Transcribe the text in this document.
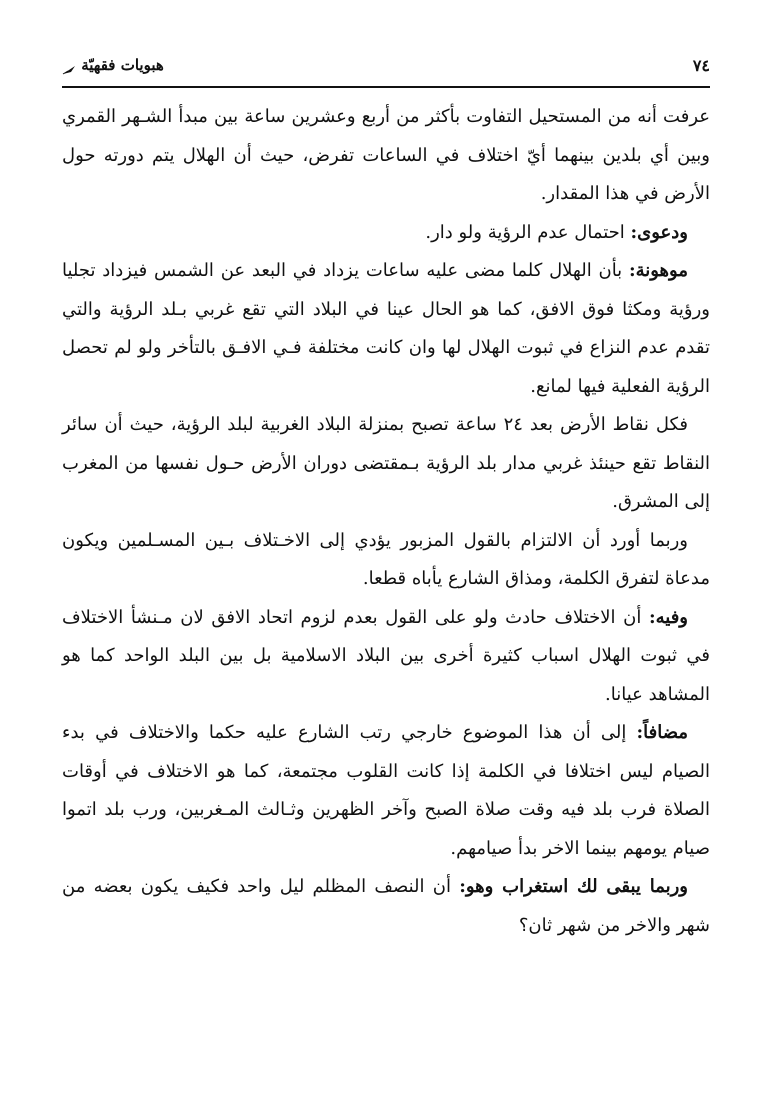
٧٤
هبويات فقهيّة

عرفت أنه من المستحيل التفاوت بأكثر من أربع وعشرين ساعة بين مبدأ الشـهر القمري وبين أي بلدين بينهما أيّ اختلاف في الساعات تفرض، حيث أن الهلال يتم دورته حول الأرض في هذا المقدار.

ودعوى: احتمال عدم الرؤية ولو دار.

موهونة: بأن الهلال كلما مضى عليه ساعات يزداد في البعد عن الشمس فيزداد تجليا ورؤية ومكثا فوق الافق، كما هو الحال عينا في البلاد التي تقع غربي بـلد الرؤية والتي تقدم عدم النزاع في ثبوت الهلال لها وان كانت مختلفة فـي الافـق بالتأخر ولو لم تحصل الرؤية الفعلية فيها لمانع.

فكل نقاط الأرض بعد ٢٤ ساعة تصبح بمنزلة البلاد الغربية لبلد الرؤية، حيث أن سائر النقاط تقع حينئذ غربي مدار بلد الرؤية بـمقتضى دوران الأرض حـول نفسها من المغرب إلى المشرق.

وربما أورد أن الالتزام بالقول المزبور يؤدي إلى الاخـتلاف بـين المسـلمين ويكون مدعاة لتفرق الكلمة، ومذاق الشارع يأباه قطعا.

وفيه: أن الاختلاف حادث ولو على القول بعدم لزوم اتحاد الافق لان مـنشأ الاختلاف في ثبوت الهلال اسباب كثيرة أخرى بين البلاد الاسلامية بل بين البلد الواحد كما هو المشاهد عيانا.

مضافاً: إلى أن هذا الموضوع خارجي رتب الشارع عليه حكما والاختلاف في بدء الصيام ليس اختلافا في الكلمة إذا كانت القلوب مجتمعة، كما هو الاختلاف في أوقات الصلاة فرب بلد فيه وقت صلاة الصبح وآخر الظهرين وثـالث المـغربين، ورب بلد اتموا صيام يومهم بينما الاخر بدأ صيامهم.

وربما يبقى لك استغراب وهو: أن النصف المظلم ليل واحد فكيف يكون بعضه من شهر والاخر من شهر ثان؟
